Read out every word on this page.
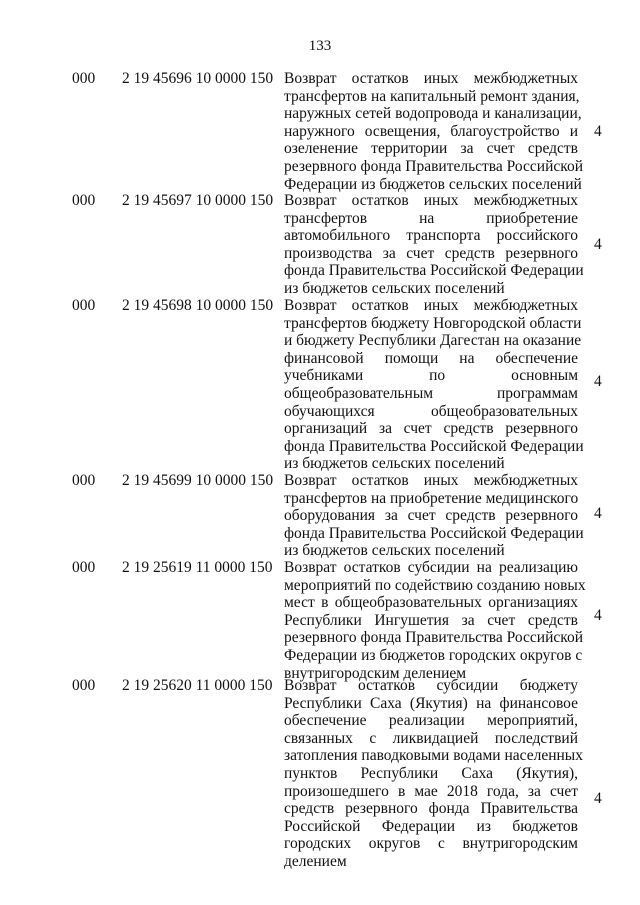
133
000 2 19 45696 10 0000 150 Возврат остатков иных межбюджетных
трансфертов на капитальный ремонт здания,
наружных сетей водопровода и канализации,
наружного освещения, благоустройство и
озеленение территории за счет средств
резервного фонда Правительства Российской
Федерации из бюджетов сельских поселений
4
000 2 19 45697 10 0000 150 Возврат остатков иных межбюджетных
трансфертов на приобретение
автомобильного транспорта российского
производства за счет средств резервного
фонда Правительства Российской Федерации
из бюджетов сельских поселений
4
000 2 19 45698 10 0000 150 Возврат остатков иных межбюджетных
трансфертов бюджету Новгородской области
и бюджету Республики Дагестан на оказание
финансовой помощи на обеспечение
учебниками по основным
общеобразовательным программам
обучающихся общеобразовательных
организаций за счет средств резервного
фонда Правительства Российской Федерации
из бюджетов сельских поселений
4
000 2 19 45699 10 0000 150 Возврат остатков иных межбюджетных
трансфертов на приобретение медицинского
оборудования за счет средств резервного
фонда Правительства Российской Федерации
из бюджетов сельских поселений
4
000 2 19 25619 11 0000 150 Возврат остатков субсидии на реализацию
мероприятий по содействию созданию новых
мест в общеобразовательных организациях
Республики Ингушетия за счет средств
резервного фонда Правительства Российской
Федерации из бюджетов городских округов с
внутригородским делением
4
000 2 19 25620 11 0000 150 Возврат остатков субсидии бюджету
Республики Саха (Якутия) на финансовое
обеспечение реализации мероприятий,
связанных с ликвидацией последствий
затопления паводковыми водами населенных
пунктов Республики Саха (Якутия),
произошедшего в мае 2018 года, за счет
средств резервного фонда Правительства
Российской Федерации из бюджетов
городских округов с внутригородским
делением
4
